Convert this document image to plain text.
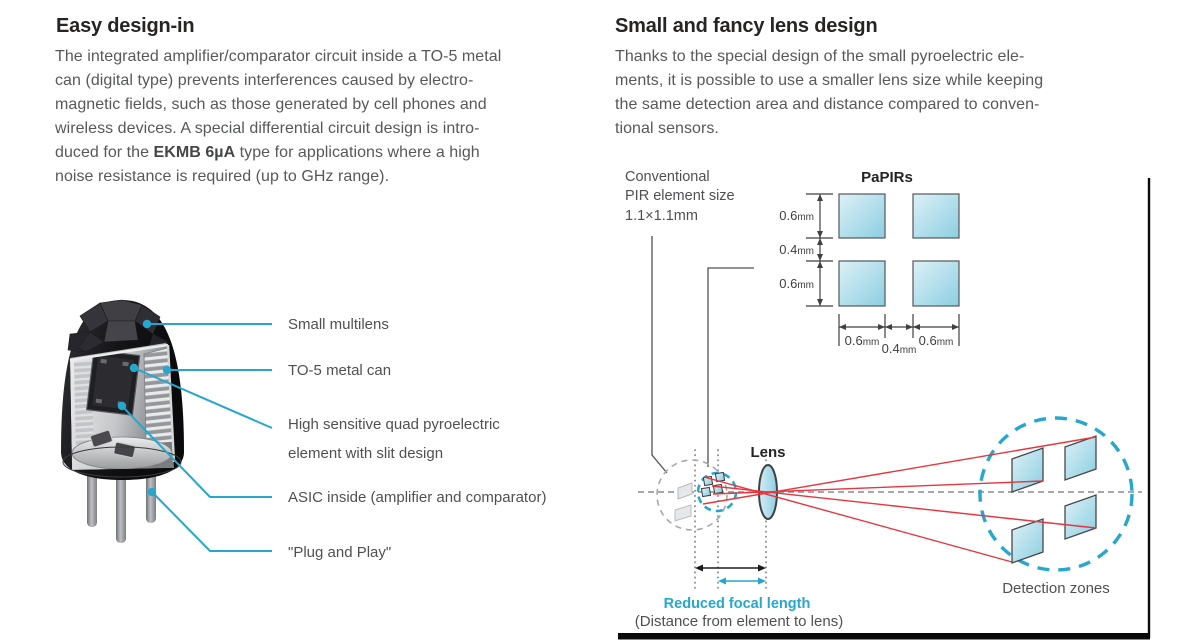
Easy design-in
The integrated amplifier/comparator circuit inside a TO-5 metal
can (digital type) prevents interferences caused by electro-
magnetic fields, such as those generated by cell phones and
wireless devices. A special differential circuit design is intro-
duced for the EKMB 6µA type for applications where a high
noise resistance is required (up to GHz range).
Small multilens
TO-5 metal can
High sensitive quad pyroelectric
element with slit design
ASIC inside (amplifier and comparator)
"Plug and Play"
Small and fancy lens design
Thanks to the special design of the small pyroelectric ele-
ments, it is possible to use a smaller lens size while keeping
the same detection area and distance compared to conven-
tional sensors.
Conventional
PIR element size
1.1×1.1mm
PaPIRs
0.6mm
0.4mm
0.6mm
0.6mm 0.4mm
0.6mm
Lens
Reduced focal length
(Distance from element to lens)
Detection zones
